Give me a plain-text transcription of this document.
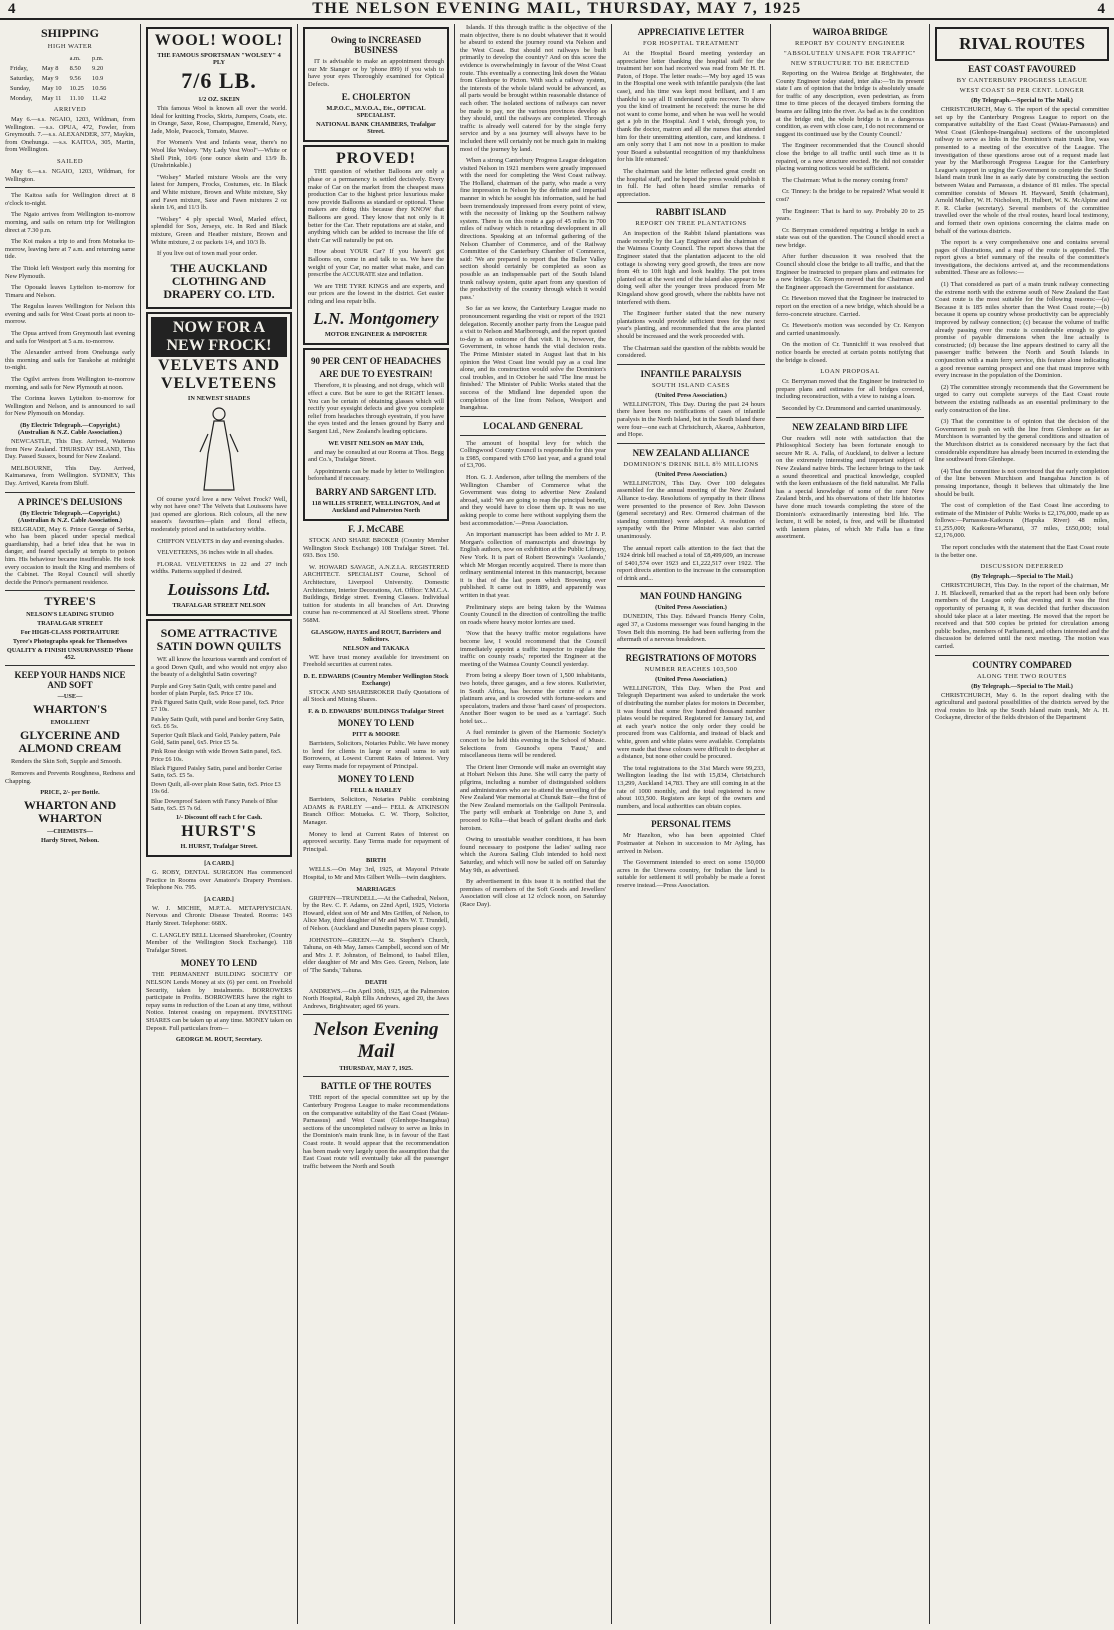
4	THE NELSON EVENING MAIL, THURSDAY, MAY 7, 1925	4
SHIPPING
HIGH WATER
		a.m.	p.m.
Friday,	May 8	8.50	9.20
Saturday,	May 9	9.56	10.9
Sunday,	May 10	10.25	10.56
Monday,	May 11	11.10	11.42
ARRIVED

May 6.—s.s. NGAIO, 1203, Wildman, from Wellington. —s.s. OPUA, 472, Fowler, from Greymouth. 7.—s.s. ALEXANDER, 377, Maykin, from Onehunga. —s.s. KAITOA, 305, Martin, from Wellington.

SAILED

May 6.—s.s. NGAIO, 1203, Wildman, for Wellington.

The Kaitoa sails for Wellington direct at 8 o'clock to-night.

The Ngaio arrives from Wellington to-morrow morning, and sails on return trip for Wellington direct at 7.30 p.m.

The Koi makes a trip to and from Motueka to-morrow, leaving here at 7 a.m. and returning same tide.

The Titoki left Westport early this morning for New Plymouth.

The Opouaki leaves Lyttelton to-morrow for Timaru and Nelson.

The Regulus leaves Wellington for Nelson this evening and sails for West Coast ports at noon to-morrow.

The Opua arrived from Greymouth last evening and sails for Westport at 5 a.m. to-morrow.

The Alexander arrived from Onehunga early this morning and sails for Tarakohe at midnight to-night.

The Ogilvi arrives from Wellington to-morrow morning, and sails for New Plymouth at noon.

The Corinna leaves Lyttelton to-morrow for Wellington and Nelson, and is announced to sail for New Plymouth on Monday.

(By Electric Telegraph.—Copyright.) (Australian & N.Z. Cable Association.)

NEWCASTLE, This Day. Arrived, Waitemo from New Zealand. THURSDAY ISLAND, This Day. Passed Sussex, bound for New Zealand.

MELBOURNE, This Day. Arrived, Kaimanawa, from Wellington. SYDNEY, This Day. Arrived, Kareta from Bluff.

A PRINCE'S DELUSIONS
(By Electric Telegraph.—Copyright.) (Australian & N.Z. Cable Association.)

BELGRADE, May 6. Prince George of Serbia, who has been placed under special medical guardianship, had a brief idea that he was in danger, and feared specially at tempts to poison him. His behaviour became insufferable. He took every occasion to insult the King and members of the Cabinet. The Royal Council will shortly decide the Prince's permanent residence.

TYREE'S
NELSON'S LEADING STUDIO
TRAFALGAR STREET
For HIGH-CLASS PORTRAITURE
Tyree's Photographs speak for Themselves
QUALITY & FINISH UNSURPASSED 'Phone 452.
KEEP YOUR HANDS NICE AND SOFT
—USE—
WHARTON'S
EMOLLIENT
GLYCERINE AND ALMOND CREAM

Renders the Skin Soft, Supple and Smooth.

Removes and Prevents Roughness, Redness and Chapping.

PRICE, 2/- per Bottle.
WHARTON AND WHARTON
—CHEMISTS—
Hardy Street, Nelson.
WOOL! WOOL!
THE FAMOUS SPORTSMAN "WOLSEY" 4 PLY
7/6 LB.
1/2 OZ. SKEIN

This famous Wool is known all over the world. Ideal for knitting Frocks, Skirts, Jumpers, Coats, etc. in Orange, Saxe, Rose, Champagne, Emerald, Navy, Jade, Mole, Peacock, Tomato, Mauve.

For Women's Vest and Infants wear, there's no Wool like Wolsey. "My Lady Vest Wool"—White or Shell Pink, 10/6 (one ounce skein and 13/9 lb. (Unshrinkable.)

"Wolsey" Marled mixture Wools are the very latest for Jumpers, Frocks, Costumes, etc. In Black and White mixture, Brown and White mixture, Sky and Fawn mixture, Saxe and Fawn mixtures 2 oz skein 1/6, and 11/3 lb.

"Wolsey" 4 ply special Wool, Marled effect, splendid for Sox, Jerseys, etc. In Red and Black mixture, Green and Heather mixture, Brown and White mixture, 2 oz packets 1/4, and 10/3 lb.

If you live out of town mail your order.

THE AUCKLAND CLOTHING AND DRAPERY CO. LTD.
NOW FOR A NEW FROCK!
VELVETS AND VELVETEENS
IN NEWEST SHADES

Of course you'd love a new Velvet Frock? Well, why not have one? The Velvets that Louissons have just opened are glorious. Rich colours, all the new season's favourites—plain and floral effects, moderately priced and in satisfactory widths.

CHIFFON VELVETS in day and evening shades.

VELVETEENS, 36 inches wide in all shades.

FLORAL VELVETEENS in 22 and 27 inch widths. Patterns supplied if desired.

Louissons Ltd.
TRAFALGAR STREET NELSON
SOME ATTRACTIVE SATIN DOWN QUILTS

WE all know the luxurious warmth and comfort of a good Down Quilt, and who would not enjoy also the beauty of a delightful Satin covering?

Purple and Grey Satin Quilt, with centre panel and border of plain Purple, 6x5. Price £7 10s.

Pink Figured Satin Quilt, wide Rose panel, 6x5. Price £7 10s.

Paisley Satin Quilt, with panel and border Grey Satin, 6x5. £6 5s.

Superior Quilt Black and Gold, Paisley pattern, Pale Gold, Satin panel, 6x5. Price £5 5s.

Pink Rose design with wide Brown Satin panel, 6x5. Price £6 10s.

Black Figured Paisley Satin, panel and border Cerise Satin, 6x5. £5 5s.

Down Quilt, all-over plain Rose Satin, 6x5. Price £3 19s 6d.

Blue Downproof Sateen with Fancy Panels of Blue Satin, 6x5. £5 7s 6d.

1/- Discount off each £ for Cash.
HURST'S
H. HURST, Trafalgar Street.
[A CARD.]

G. ROBY, DENTAL SURGEON Has commenced Practice in Rooms over Amatore's Drapery Premises. Telephone No. 795.

[A CARD.]

W. J. MICHIE, M.P.T.A. METAPHYSICIAN. Nervous and Chronic Disease Treated. Rooms: 143 Hardy Street. Telephone: 668X.

C. LANGLEY BELL Licensed Sharebroker, (Country Member of the Wellington Stock Exchange). 118 Trafalgar Street.

MONEY TO LEND

THE PERMANENT BUILDING SOCIETY OF NELSON Lends Money at six (6) per cent. on Freehold Security, taken by instalments. BORROWERS participate in Profits. BORROWERS have the right to repay sums in reduction of the Loan at any time, without Notice. Interest ceasing on repayment. INVESTING SHARES can be taken up at any time. MONEY taken on Deposit. Full particulars from—

GEORGE M. ROUT, Secretary.
Owing to INCREASED BUSINESS

IT is advisable to make an appointment through our Mr Stanger or by 'phone 899) if you wish to have your eyes Thoroughly examined for Optical Defects.

E. CHOLERTON
M.P.O.C., M.V.O.A., Etc., OPTICAL SPECIALIST.
NATIONAL BANK CHAMBERS, Trafalgar Street.
PROVED!

THE question of whether Balloons are only a phase or a permanency is settled decisively. Every make of Car on the market from the cheapest mass production Car to the highest price luxurious make now provide Balloons as standard or optional. These makers are doing this because they KNOW that Balloons are good. They know that not only is it better for the Car. Their reputations are at stake, and anything which can be added to increase the life of their Car will naturally be put on.

How about YOUR Car? If you haven't got Balloons on, come in and talk to us. We have the weight of your Car, no matter what make, and can prescribe the ACCURATE size and inflation.

We are THE TYRE KINGS and are experts, and our prices are the lowest in the district. Get easier riding and less repair bills.

L.N. Montgomery
MOTOR ENGINEER & IMPORTER
90 PER CENT OF HEADACHES
ARE DUE TO EYESTRAIN!

Therefore, it is pleasing, and not drugs, which will effect a cure. But be sure to get the RIGHT lenses. You can be certain of obtaining glasses which will rectify your eyesight defects and give you complete relief from headaches through eyestrain, if you have the eyes tested and the lenses ground by Barry and Sargent Ltd., New Zealand's leading opticians.

WE VISIT NELSON on MAY 13th,

and may be consulted at our Rooms at Thos. Begg and Co.'s, Trafalgar Street.

Appointments can be made by letter to Wellington beforehand if necessary.

BARRY AND SARGENT LTD.
118 WILLIS STREET, WELLINGTON, And at Auckland and Palmerston North
F. J. McCABE

STOCK AND SHARE BROKER (Country Member Wellington Stock Exchange) 108 Trafalgar Street. Tel. 693. Box 150.

W. HOWARD SAVAGE, A.N.Z.I.A. REGISTERED ARCHITECT. SPECIALIST Course, School of Architecture, Liverpool University. Domestic Architecture, Interior Decorations, Art. Office: Y.M.C.A. Buildings, Bridge street. Evening Classes. Individual tuition for students in all branches of Art. Drawing course has re-commenced at Al Stoellens street. 'Phone 568M.

GLASGOW, HAYES and ROUT, Barristers and Solicitors.
NELSON and TAKAKA

WE have trust money available for investment on Freehold securities at current rates.

D. E. EDWARDS (Country Member Wellington Stock Exchange)

STOCK AND SHAREBROKER Daily Quotations of all Stock and Mining Shares.

F. & D. EDWARDS' BUILDINGS Trafalgar Street
MONEY TO LEND
PITT & MOORE

Barristers, Solicitors, Notaries Public. We have money to lend for clients in large or small sums to suit Borrowers, at Lowest Current Rates of Interest. Very easy Terms made for repayment of Principal.

MONEY TO LEND
FELL & HARLEY

Barristers, Solicitors, Notaries Public combining ADAMS & FARLEY —and— FELL & ATKINSON Branch Office: Motueka. C. W. Thorp, Solicitor, Manager.

Money to lend at Current Rates of Interest on approved security. Easy Terms made for repayment of Principal.

BIRTH

WELLS.—On May 3rd, 1925, at Mayoral Private Hospital, to Mr and Mrs Gilbert Wells—twin daughters.

MARRIAGES

GRIFFEN—TRUNDELL.—At the Cathedral, Nelson, by the Rev. C. F. Adams, on 22nd April, 1925, Victoria Howard, eldest son of Mr and Mrs Griffen, of Nelson, to Alice May, third daughter of Mr and Mrs W. T. Trundell, of Nelson. (Auckland and Dunedin papers please copy).

JOHNSTON—GREEN.—At St. Stephen's Church, Tahuna, on 4th May, James Campbell, second son of Mr and Mrs J. F. Johnston, of Belmond, to Isabel Ellen, elder daughter of Mr and Mrs Geo. Green, Nelson, late of 'The Sands,' Tahuna.

DEATH

ANDREWS.—On April 30th, 1925, at the Palmerston North Hospital, Ralph Ellis Andrews, aged 20, the Jaws Andrews, Brightwater; aged 66 years.

Nelson Evening Mail
THURSDAY, MAY 7, 1925.
BATTLE OF THE ROUTES

THE report of the special committee set up by the Canterbury Progress League to make recommendations on the comparative suitability of the East Coast (Waiau-Parnassus) and West Coast (Glenhope-Inangahua) sections of the uncompleted railway to serve as links in the Dominion's main trunk line, is in favour of the East Coast route. It would appear that the recommendation has been made very largely upon the assumption that the East Coast route will eventually take all the passenger traffic between the North and South

Islands. If this through traffic is the objective of the main objective, there is no doubt whatever that it would be absurd to extend the journey round via Nelson and the West Coast. But should not railways be built primarily to develop the country? And on this score the evidence is overwhelmingly in favour of the West Coast route. This eventually a connecting link down the Waiau from Glenhope to Picton. With such a railway system, the interests of the whole island would be advanced, as all parts would be brought within reasonable distance of each other. The isolated sections of railways can never be made to pay, nor the various provinces develop as they should, until the railways are completed. Through traffic is already well catered for by the single ferry service and by a sea journey will always have to be included there will certainly not be much gain in making most of the journey by land.

When a strong Canterbury Progress League delegation visited Nelson in 1921 members were greatly impressed with the need for completing the West Coast railway. The Holland, chairman of the party, who made a very fine impression in Nelson by the definite and impartial manner in which he sought his information, said he had been tremendously impressed from every point of view, with the necessity of linking up the Southern railway system. There is on this route a gap of 45 miles in 700 miles of railway which is retarding development in all directions. Speaking at an informal gathering of the Nelson Chamber of Commerce, and of the Railway Committee of the Canterbury Chamber of Commerce, said: 'We are prepared to report that the Buller Valley section should certainly be completed as soon as possible as an indispensable part of the South Island trunk railway system, quite apart from any question of the productivity of the country through which it would pass.'

So far as we know, the Canterbury League made no pronouncement regarding the visit or report of the 1921 delegation. Recently another party from the League paid a visit to Nelson and Marlborough, and the report quoted to-day is an outcome of that visit. It is, however, the Government, in whose hands the vital decision rests. The Prime Minister stated in August last that in his opinion the West Coast line would pay as a coal line alone, and its construction would solve the Dominion's coal troubles, and in October he said 'The line must be finished.' The Minister of Public Works stated that the success of the Midland line depended upon the completion of the line from Nelson, Westport and Inangahua.

LOCAL AND GENERAL

The amount of hospital levy for which the Collingwood County Council is responsible for this year is £985, compared with £760 last year, and a grand total of £3,706.

Hon. G. J. Anderson, after telling the members of the Wellington Chamber of Commerce what the Government was doing to advertise New Zealand abroad, said: 'We are going to reap the principal benefit, and they would have to close them up. It was no use asking people to come here without supplying them the best accommodation.'—Press Association.

An important manuscript has been added to Mr J. P. Morgan's collection of manuscripts and drawings by English authors, now on exhibition at the Public Library, New York. It is part of Robert Browning's 'Asolando,' which Mr Morgan recently acquired. There is more than ordinary sentimental interest in this manuscript, because it is that of the last poem which Browning ever published. It came out in 1889, and apparently was written in that year.

Preliminary steps are being taken by the Waimea County Council in the direction of controlling the traffic on roads where heavy motor lorries are used.

'Now that the heavy traffic motor regulations have become law, I would recommend that the Council immediately appoint a traffic inspector to regulate the traffic on county roads,' reported the Engineer at the meeting of the Waimea County Council yesterday.

From being a sleepy Boer town of 1,500 inhabitants, two hotels, three garages, and a few stores. Kuilsrivier, in South Africa, has become the centre of a new platinum area, and is crowded with fortune-seekers and speculators, traders and those 'hard cases' of prospectors. Another Boer wagon to be used as a 'carriage'. Such hotel tax...

A fuel reminder is given of the Harmonic Society's concert to be held this evening in the School of Music. Selections from Gounod's opera 'Faust,' and miscellaneous items will be rendered.

The Orient liner Ormonde will make an overnight stay at Hobart Nelson this June. She will carry the party of pilgrims, including a number of distinguished soldiers and administrators who are to attend the unveiling of the New Zealand War memorial at Chunuk Bair—the first of the New Zealand memorials on the Gallipoli Peninsula. The party will embark at Tonbridge on June 3, and proceed to Kilia—that beach of gallant deaths and dark heroism.

Owing to unsuitable weather conditions, it has been found necessary to postpone the ladies' sailing race which the Aurora Sailing Club intended to hold next Saturday, and which will now be sailed off on Saturday May 9th, as advertised.

By advertisement in this issue it is notified that the premises of members of the Soft Goods and Jewellers' Association will close at 12 o'clock noon, on Saturday (Race Day).

APPRECIATIVE LETTER
FOR HOSPITAL TREATMENT

At the Hospital Board meeting yesterday an appreciative letter thanking the hospital staff for the treatment her son had received was read from Mr H. H. Paton, of Hope. The letter reads:—'My boy aged 15 was in the Hospital one week with infantile paralysis (the last case), and his time was kept most brilliant, and I am thankful to say all II understand quite recover. To show you the kind of treatment he received: the nurse he did not want to come home, and when he was well he would get a job in the Hospital. And I wish, through you, to thank the doctor, matron and all the nurses that attended him for their unremitting attention, care, and kindness. I am only sorry that I am not now in a position to make your Board a substantial recognition of my thankfulness for his life returned.'

The chairman said the letter reflected great credit on the hospital staff, and he hoped the press would publish it in full. He had often heard similar remarks of appreciation.

RABBIT ISLAND
REPORT ON TREE PLANTATIONS

An inspection of the Rabbit Island plantations was made recently by the Lay Engineer and the chairman of the Waimea County Council. The report shows that the Engineer stated that the plantation adjacent to the old cottage is showing very good growth, the trees are now from 4ft to 10ft high and look healthy. The pot trees planted out at the west end of the island also appear to be doing well after the younger trees produced from Mr Kingsland show good growth, where the rabbits have not interfered with them.

The Engineer further stated that the new nursery plantations would provide sufficient trees for the next year's planting, and recommended that the area planted should be increased and the work proceeded with.

The Chairman said the question of the rabbits would be considered.

INFANTILE PARALYSIS
SOUTH ISLAND CASES
(United Press Association.)

WELLINGTON, This Day. During the past 24 hours there have been no notifications of cases of infantile paralysis in the North Island, but in the South Island there were four—one each at Christchurch, Akaroa, Ashburton, and Hope.

NEW ZEALAND ALLIANCE
DOMINION'S DRINK BILL 8½ MILLIONS
(United Press Association.)

WELLINGTON, This Day. Over 100 delegates assembled for the annual meeting of the New Zealand Alliance to-day. Resolutions of sympathy in their illness were presented to the presence of Rev. John Dawson (general secretary) and Rev. Ormerod chairman of the standing committee) were adopted. A resolution of sympathy with the Prime Minister was also carried unanimously.

The annual report calls attention to the fact that the 1924 drink bill reached a total of £8,499,609, an increase of £401,574 over 1923 and £1,222,517 over 1922. The report directs attention to the increase in the consumption of drink and...

MAN FOUND HANGING
(United Press Association.)

DUNEDIN, This Day. Edward Francis Henry Colin, aged 37, a Customs messenger was found hanging in the Town Belt this morning. He had been suffering from the aftermath of a nervous breakdown.

REGISTRATIONS OF MOTORS
NUMBER REACHES 103,500
(United Press Association.)

WELLINGTON, This Day. When the Post and Telegraph Department was asked to undertake the work of distributing the number plates for motors in December, it was found that some five hundred thousand number plates would be required. Registered for January 1st, and at each year's notice the only order they could be procured from was California, and instead of black and white, green and white plates were available. Complaints were made that these colours were difficult to decipher at a distance, but none other could be procured.

The total registrations to the 31st March were 99,233, Wellington leading the list with 15,834, Christchurch 13,299, Auckland 14,783. They are still coming in at the rate of 1000 monthly, and the total registered is now about 103,500. Registers are kept of the owners and numbers, and local authorities can obtain copies.

PERSONAL ITEMS

Mr Hazelton, who has been appointed Chief Postmaster at Nelson in succession to Mr Ayling, has arrived in Nelson.

The Government intended to erect on some 150,000 acres in the Urewera country, for Indian the land is suitable for settlement it will probably be made a forest reserve instead.—Press Association.

WAIROA BRIDGE
REPORT BY COUNTY ENGINEER
"ABSOLUTELY UNSAFE FOR TRAFFIC"
NEW STRUCTURE TO BE ERECTED

Reporting on the Wairoa Bridge at Brightwater, the County Engineer today stated, inter alia:—'In its present state I am of opinion that the bridge is absolutely unsafe for traffic of any description, even pedestrian, as from time to time pieces of the decayed timbers forming the beams are falling into the river. As bad as is the condition at the bridge end, the whole bridge is in a dangerous condition, as even with close care, I do not recommend or suggest its continued use by the County Council.'

The Engineer recommended that the Council should close the bridge to all traffic until such time as it is repaired, or a new structure erected. He did not consider placing warning notices would be sufficient.

The Chairman: What is the money coming from?

Cr. Tinney: Is the bridge to be repaired? What would it cost?

The Engineer: That is hard to say. Probably 20 to 25 years.

Cr. Berryman considered repairing a bridge in such a state was out of the question. The Council should erect a new bridge.

After further discussion it was resolved that the Council should close the bridge to all traffic, and that the Engineer be instructed to prepare plans and estimates for a new bridge. Cr. Kenyon moved that the Chairman and the Engineer approach the Government for assistance.

Cr. Hewetson moved that the Engineer be instructed to report on the erection of a new bridge, which should be a ferro-concrete structure. Carried.

Cr. Hewetson's motion was seconded by Cr. Kenyon and carried unanimously.

On the motion of Cr. Tunnicliff it was resolved that notice boards be erected at certain points notifying that the bridge is closed.

LOAN PROPOSAL

Cr. Berryman moved that the Engineer be instructed to prepare plans and estimates for all bridges covered, including reconstruction, with a view to raising a loan.

Seconded by Cr. Drummond and carried unanimously.

NEW ZEALAND BIRD LIFE

Our readers will note with satisfaction that the Philosophical Society has been fortunate enough to secure Mr R. A. Falla, of Auckland, to deliver a lecture on the extremely interesting and important subject of New Zealand native birds. The lecturer brings to the task a sound theoretical and practical knowledge, coupled with the keen enthusiasm of the field naturalist. Mr Falla has a special knowledge of some of the rarer New Zealand birds, and his observations of their life histories have done much towards completing the store of the Dominion's extraordinarily interesting bird life. The lecture, it will be noted, is free, and will be illustrated with lantern plates, of which Mr Falla has a fine assortment.

RIVAL ROUTES
EAST COAST FAVOURED
BY CANTERBURY PROGRESS LEAGUE
WEST COAST 58 PER CENT. LONGER
(By Telegraph.—Special to The Mail.)

CHRISTCHURCH, May 6. The report of the special committee set up by the Canterbury Progress League to report on the comparative suitability of the East Coast (Waiau-Parnassus) and West Coast (Glenhope-Inangahua) sections of the uncompleted railway to serve as links in the Dominion's main trunk line, was presented to a meeting of the executive of the League. The investigation of these questions arose out of a request made last year by the Marlborough Progress League for the Canterbury League's support in urging the Government to complete the South Island main trunk line in as early date by constructing the section between Waiau and Parnassus, a distance of 81 miles. The special committee consists of Messrs H. Hayward, Smith (chairman), Arnold Mulher, W. H. Nicholson, H. Hulbert, W. K. McAlpine and F. R. Clarke (secretary). Several members of the committee travelled over the whole of the rival routes, heard local testimony, and formed their own opinions concerning the claims made on behalf of the various districts.

The report is a very comprehensive one and contains several pages of illustrations, and a map of the route is appended. The report gives a brief summary of the results of the committee's investigations, the decisions arrived at, and the recommendations submitted. These are as follows:—

(1) That considered as part of a main trunk railway connecting the extreme north with the extreme south of New Zealand the East Coast route is the most suitable for the following reasons:—(a) Because it is 185 miles shorter than the West Coast route;—(b) because it opens up country whose productivity can be appreciably improved by railway connection; (c) because the volume of traffic already passing over the route is considerable enough to give promise of payable dimensions when the line actually is constructed; (d) because the line appears destined to carry all the passenger traffic between the North and South Islands in conjunction with a main ferry service, this feature alone indicating a good revenue earning prospect and one that must improve with every increase in the population of the Dominion.

(2) The committee strongly recommends that the Government be urged to carry out complete surveys of the East Coast route between the existing railheads as an essential preliminary to the early construction of the line.

(3) That the committee is of opinion that the decision of the Government to push on with the line from Glenhope as far as Murchison is warranted by the general conditions and situation of the Murchison district as is considered necessary by the fact that considerable expenditure has already been incurred in extending the line southward from Glenhope.

(4) That the committee is not convinced that the early completion of the line between Murchison and Inangahua Junction is of pressing importance, though it believes that ultimately the line should be built.

The cost of completion of the East Coast line according to estimate of the Minister of Public Works is £2,176,000, made up as follows:—Parnassus-Kaikoura (Hapuka River) 48 miles, £1,255,000; Kaikoura-Wharanui, 37 miles, £650,000; total £2,176,000.

The report concludes with the statement that the East Coast route is the better one.

DISCUSSION DEFERRED
(By Telegraph.—Special to The Mail.)

CHRISTCHURCH, This Day. In the report of the chairman, Mr J. H. Blackwell, remarked that as the report had been only before members of the League only that evening and it was the first opportunity of perusing it, it was decided that further discussion should take place at a later meeting. He moved that the report be received and that 500 copies be printed for circulation among public bodies, members of Parliament, and others interested and the discussion be deferred until the next meeting. The motion was carried.

COUNTRY COMPARED
ALONG THE TWO ROUTES
(By Telegraph.—Special to The Mail.)

CHRISTCHURCH, May 6. In the report dealing with the agricultural and pastoral possibilities of the districts served by the rival routes to link up the South Island main trunk, Mr A. H. Cockayne, director of the fields division of the Department
